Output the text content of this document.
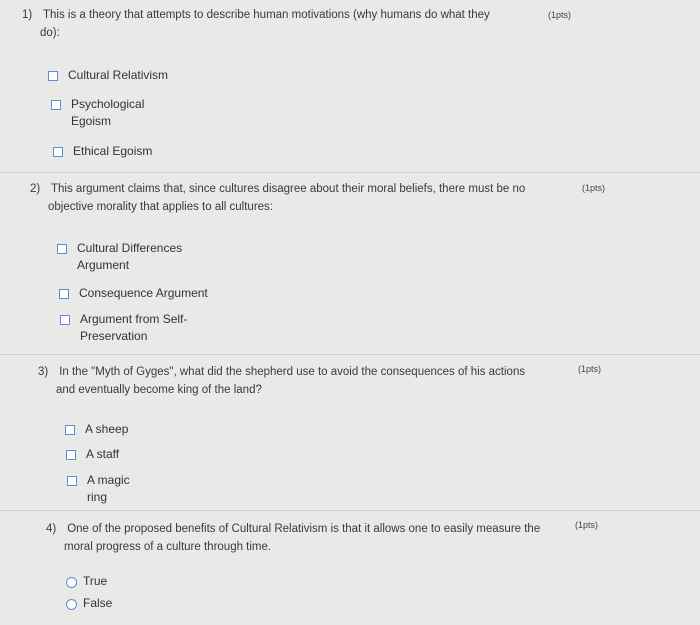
1) This is a theory that attempts to describe human motivations (why humans do what they
do):
(1pts)
Cultural Relativism
Psychological
Egoism
Ethical Egoism
2) This argument claims that, since cultures disagree about their moral beliefs, there must be no
objective morality that applies to all cultures:
(1pts)
Cultural Differences
Argument
Consequence Argument
Argument from Self-
Preservation
3) In the "Myth of Gyges", what did the shepherd use to avoid the consequences of his actions
and eventually become king of the land?
(1pts)
A sheep
A staff
A magic
ring
4) One of the proposed benefits of Cultural Relativism is that it allows one to easily measure the
moral progress of a culture through time.
(1pts)
True
False
